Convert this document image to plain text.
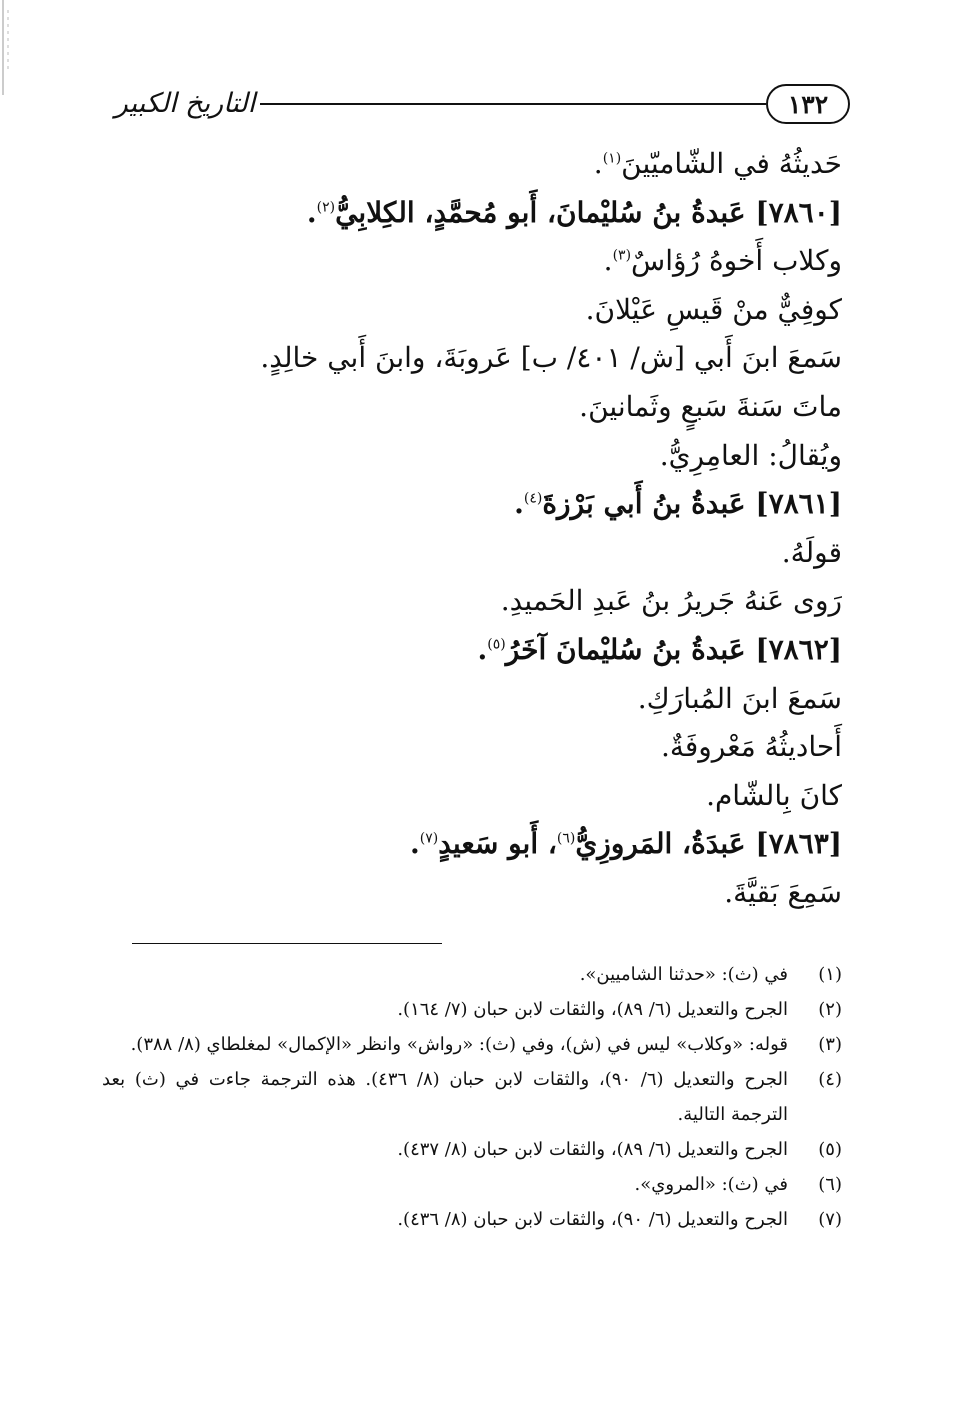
١٣٢
التاريخ الكبير
حَديثُهُ في الشّاميّينَ$^{(١)}$.
[٧٨٦٠] عَبدةُ بنُ سُليْمانَ، أَبو مُحمَّدٍ، الكِلابِيُّ$^{(٢)}$.
وكلاب أَخوهُ رُؤاسٌ$^{(٣)}$.
كوفِيٌّ منْ قَيسِ عَيْلانَ.
سَمعَ ابنَ أَبي [ش/ ٤٠١/ ب] عَروبَةَ، وابنَ أَبي خالِدٍ.
ماتَ سَنةَ سَبعٍ وثَمانينَ.
ويُقالُ: العامِرِيُّ.
[٧٨٦١] عَبدةُ بنُ أَبي بَرْزةَ$^{(٤)}$.
قولَهُ.
رَوى عَنهُ جَريرُ بنُ عَبدِ الحَميدِ.
[٧٨٦٢] عَبدةُ بنُ سُليْمانَ آخَرُ$^{(٥)}$.
سَمعَ ابنَ المُبارَكِ.
أَحاديثُهُ مَعْروفَةٌ.
كانَ بِالشّام.
[٧٨٦٣] عَبدَةُ، المَروزِيُّ$^{(٦)}$، أَبو سَعيدٍ$^{(٧)}$.
سَمِعَ بَقيَّةَ.
(١)
في (ث): «حدثنا الشاميين».
(٢)
الجرح والتعديل (٦/ ٨٩)، والثقات لابن حبان (٧/ ١٦٤).
(٣)
قوله: «وكلاب» ليس في (ش)، وفي (ث): «رواش» وانظر «الإكمال» لمغلطاي (٨/ ٣٨٨).
(٤)
الجرح والتعديل (٦/ ٩٠)، والثقات لابن حبان (٨/ ٤٣٦). هذه الترجمة جاءت في (ث) بعد الترجمة التالية.
(٥)
الجرح والتعديل (٦/ ٨٩)، والثقات لابن حبان (٨/ ٤٣٧).
(٦)
في (ث): «المروي».
(٧)
الجرح والتعديل (٦/ ٩٠)، والثقات لابن حبان (٨/ ٤٣٦).
